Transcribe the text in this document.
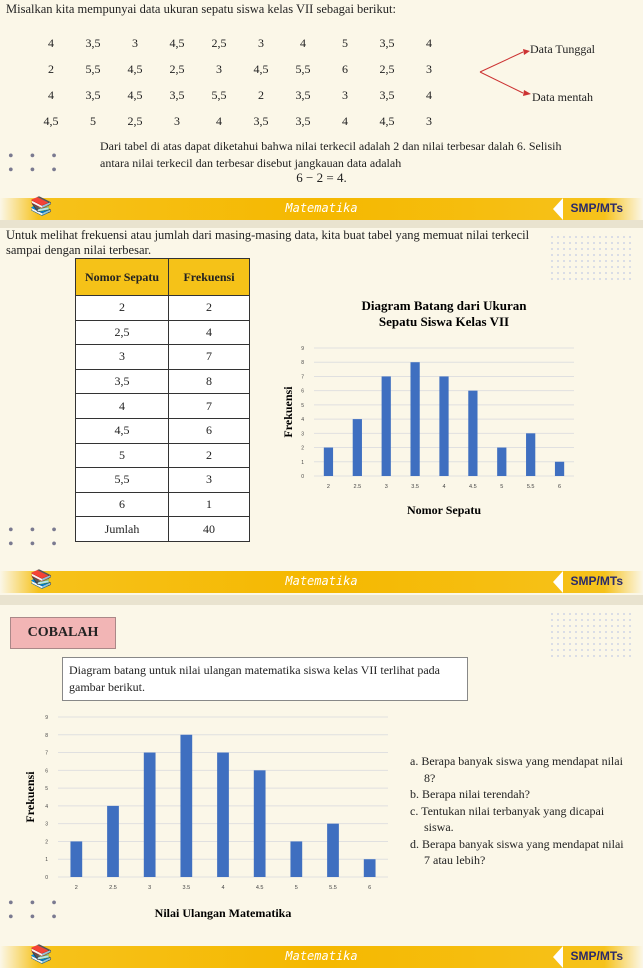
Misalkan kita mempunyai data ukuran sepatu siswa kelas VII sebagai berikut:
4	3,5	3	4,5	2,5	3	4	5	3,5	4
2	5,5	4,5	2,5	3	4,5	5,5	6	2,5	3
4	3,5	4,5	3,5	5,5	2	3,5	3	3,5	4
4,5	5	2,5	3	4	3,5	3,5	4	4,5	3
Data Tunggal
Data mentah
• • •
• • •
Dari tabel di atas dapat diketahui bahwa nilai terkecil adalah 2 dan nilai terbesar dalah 6. Selisih antara nilai terkecil dan terbesar disebut jangkauan data adalah
6 − 2 = 4.
📚	Matematika	SMP/MTs
Untuk melihat frekuensi atau jumlah dari masing-masing data, kita buat tabel yang memuat nilai terkecil sampai dengan nilai terbesar.
Nomor Sepatu	Frekuensi
2	2
2,5	4
3	7
3,5	8
4	7
4,5	6
5	2
5,5	3
6	1
Jumlah	40
0
1
2
3
4
5
6
7
8
9
2	2.5	3	3.5	4	4.5	5	5.5	6
Diagram Batang dari Ukuran
Sepatu Siswa Kelas VII
Nomor Sepatu
Frekuensi
• • •
• • •
📚	Matematika	SMP/MTs
COBALAH
Diagram batang untuk nilai ulangan matematika siswa kelas VII terlihat pada gambar berikut.
0
1
2
3
4
5
6
7
8
9
2	2.5	3	3.5	4	4.5	5	5.5	6
Nilai Ulangan Matematika
Frekuensi
a. Berapa banyak siswa yang mendapat nilai 8?
b. Berapa nilai terendah?
c. Tentukan nilai terbanyak yang dicapai siswa.
d. Berapa banyak siswa yang mendapat nilai 7 atau lebih?
• • •
• • •
📚	Matematika	SMP/MTs
